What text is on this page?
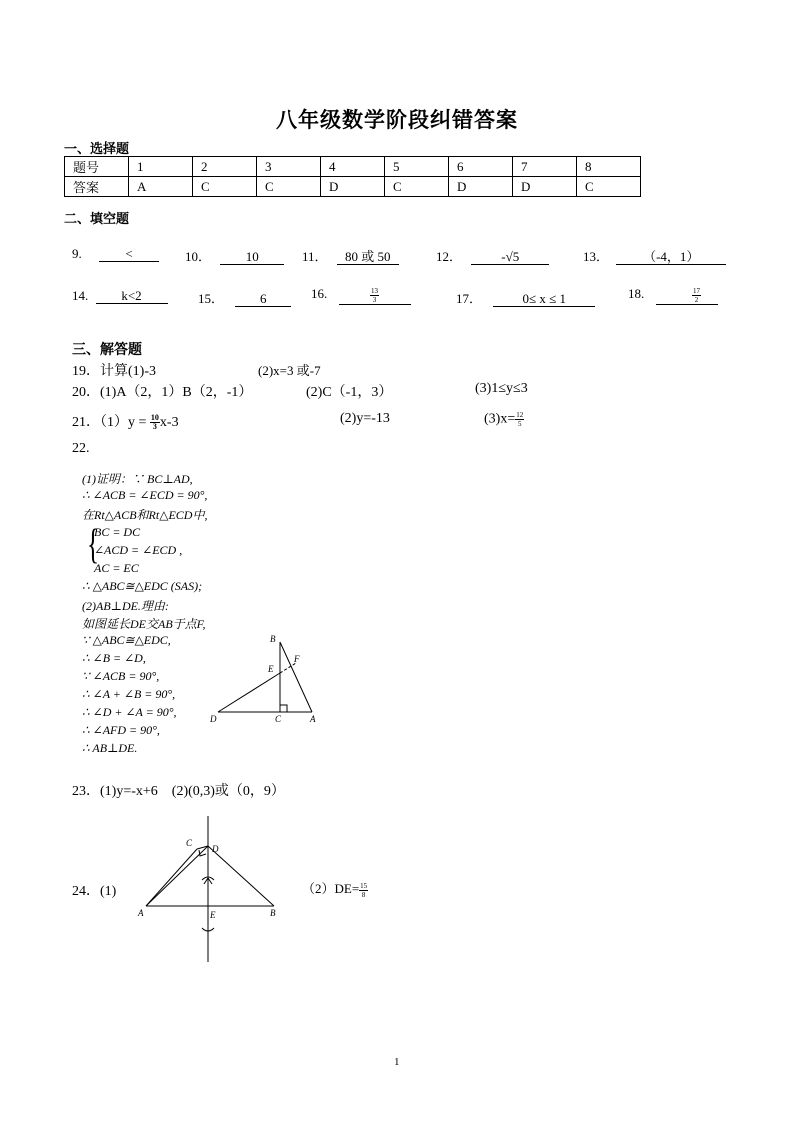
八年级数学阶段纠错答案
一、选择题
题号	1	2	3	4	5	6	7	8
答案	A	C	C	D	C	D	D	C
二、填空题
9.	<	10．	10	11． 80 或 50	12．	-√5	13．	（-4，1）
14.	k<2	15．	6	16.	$\frac{13}{3}$	17．	0≤ x ≤ 1	18.	$\frac{17}{2}$
三、解答题
19．计算(1)-3	(2)x=3 或-7
20．(1)A（2，1）B（2，-1）	(2)C（-1，3）	(3)1≤y≤3
21．$(1)y = \frac{10}{3} x-3$	(2)y=-13	$(3)x= \frac{12}{5}$
22.
(1)证明：∵ BC⊥AD,
∴ ∠ACB = ∠ECD = 90°,
在Rt△ACB和Rt△ECD中,
{
BC = DC
∠ACD = ∠ECD ,
AC = EC
∴ △ABC≅△EDC (SAS);
(2)AB⊥DE.理由:
如图延长DE交AB于点F,
∵ △ABC≅△EDC,
∴ ∠B = ∠D,
∵ ∠ACB = 90°,
∴ ∠A + ∠B = 90°,
∴ ∠D + ∠A = 90°,
∴ ∠AFD = 90°,
∴ AB⊥DE.
B
E
F
D	C	A
23．(1)y=-x+6　(2)(0,3)或（0，9）
C
D
A	B
E
24．(1)	$(2)DE= \frac{15}{8}$
1
